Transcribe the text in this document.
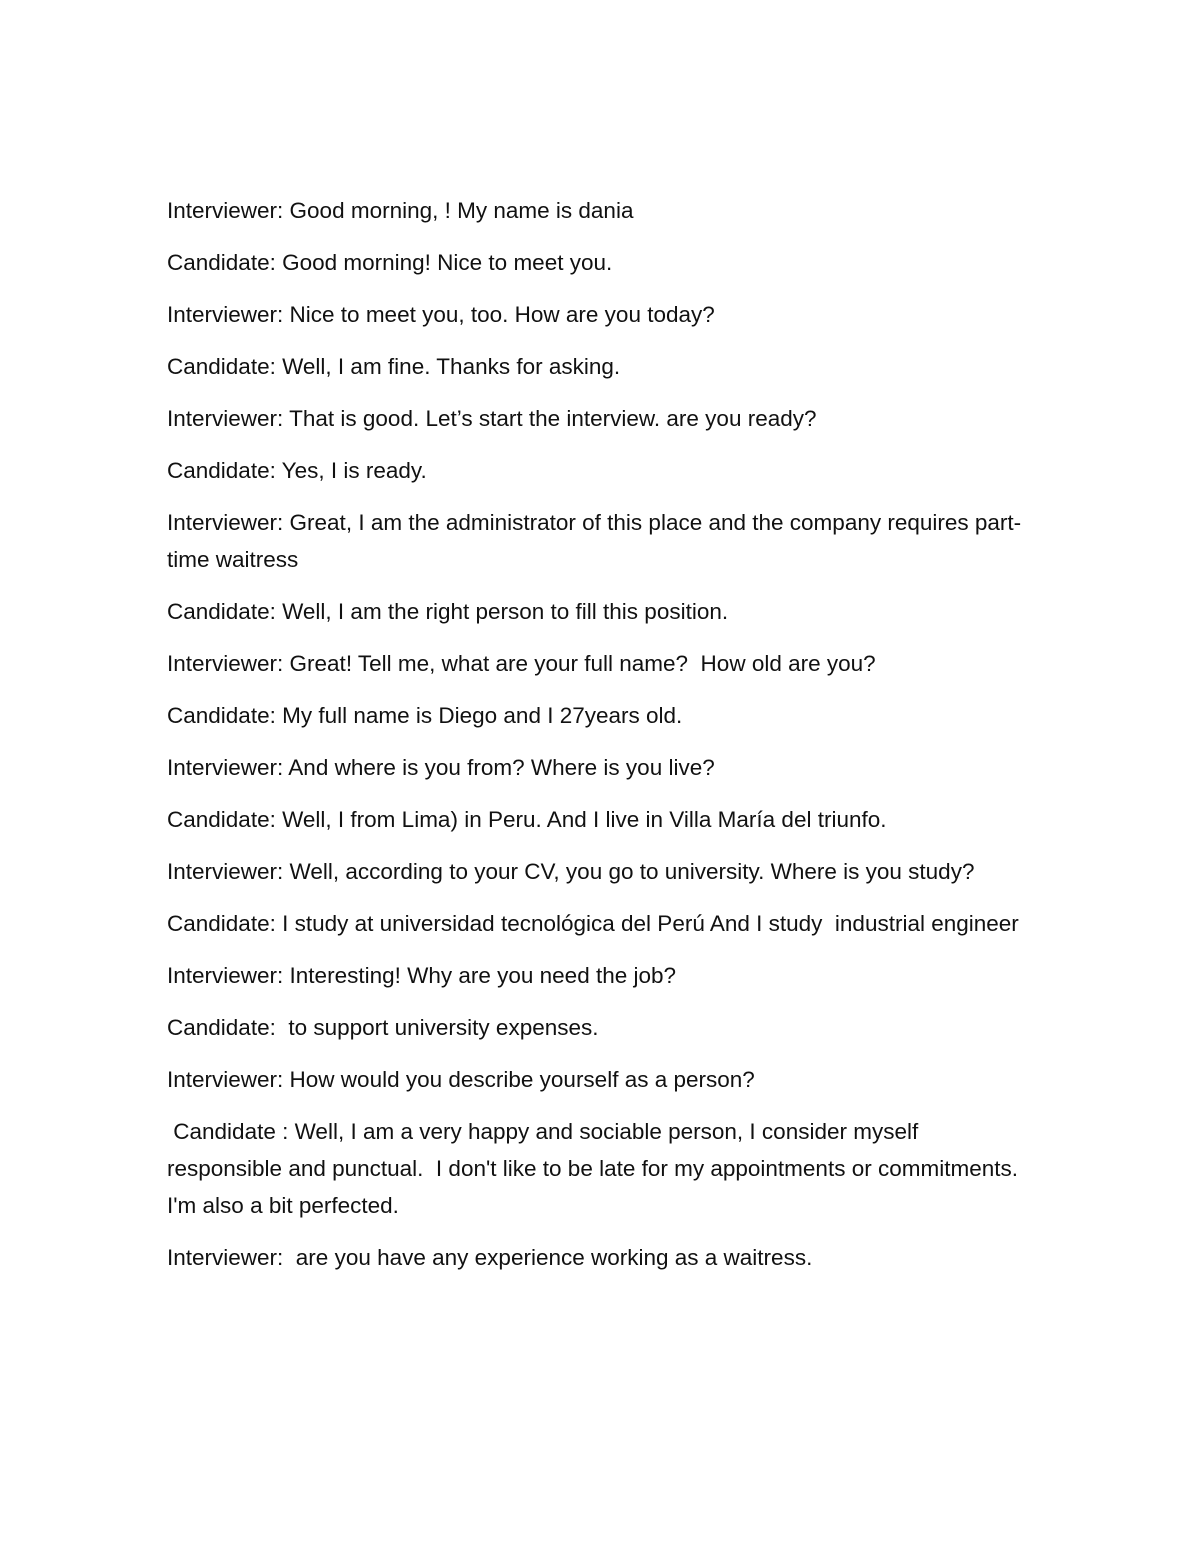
Interviewer: Good morning, ! My name is dania

Candidate: Good morning! Nice to meet you.

Interviewer: Nice to meet you, too. How are you today?

Candidate: Well, I am fine. Thanks for asking.

Interviewer: That is good. Let’s start the interview. are you ready?

Candidate: Yes, I is ready.

Interviewer: Great, I am the administrator of this place and the company requires part-time waitress

Candidate: Well, I am the right person to fill this position.

Interviewer: Great! Tell me, what are your full name?  How old are you?

Candidate: My full name is Diego and I 27years old.

Interviewer: And where is you from? Where is you live?

Candidate: Well, I from Lima) in Peru. And I live in Villa María del triunfo.

Interviewer: Well, according to your CV, you go to university. Where is you study?

Candidate: I study at universidad tecnológica del Perú And I study  industrial engineer

Interviewer: Interesting! Why are you need the job?

Candidate:  to support university expenses.

Interviewer: How would you describe yourself as a person?

Candidate : Well, I am a very happy and sociable person, I consider myself responsible and punctual.  I don't like to be late for my appointments or commitments.  I'm also a bit perfected.

Interviewer:  are you have any experience working as a waitress.
